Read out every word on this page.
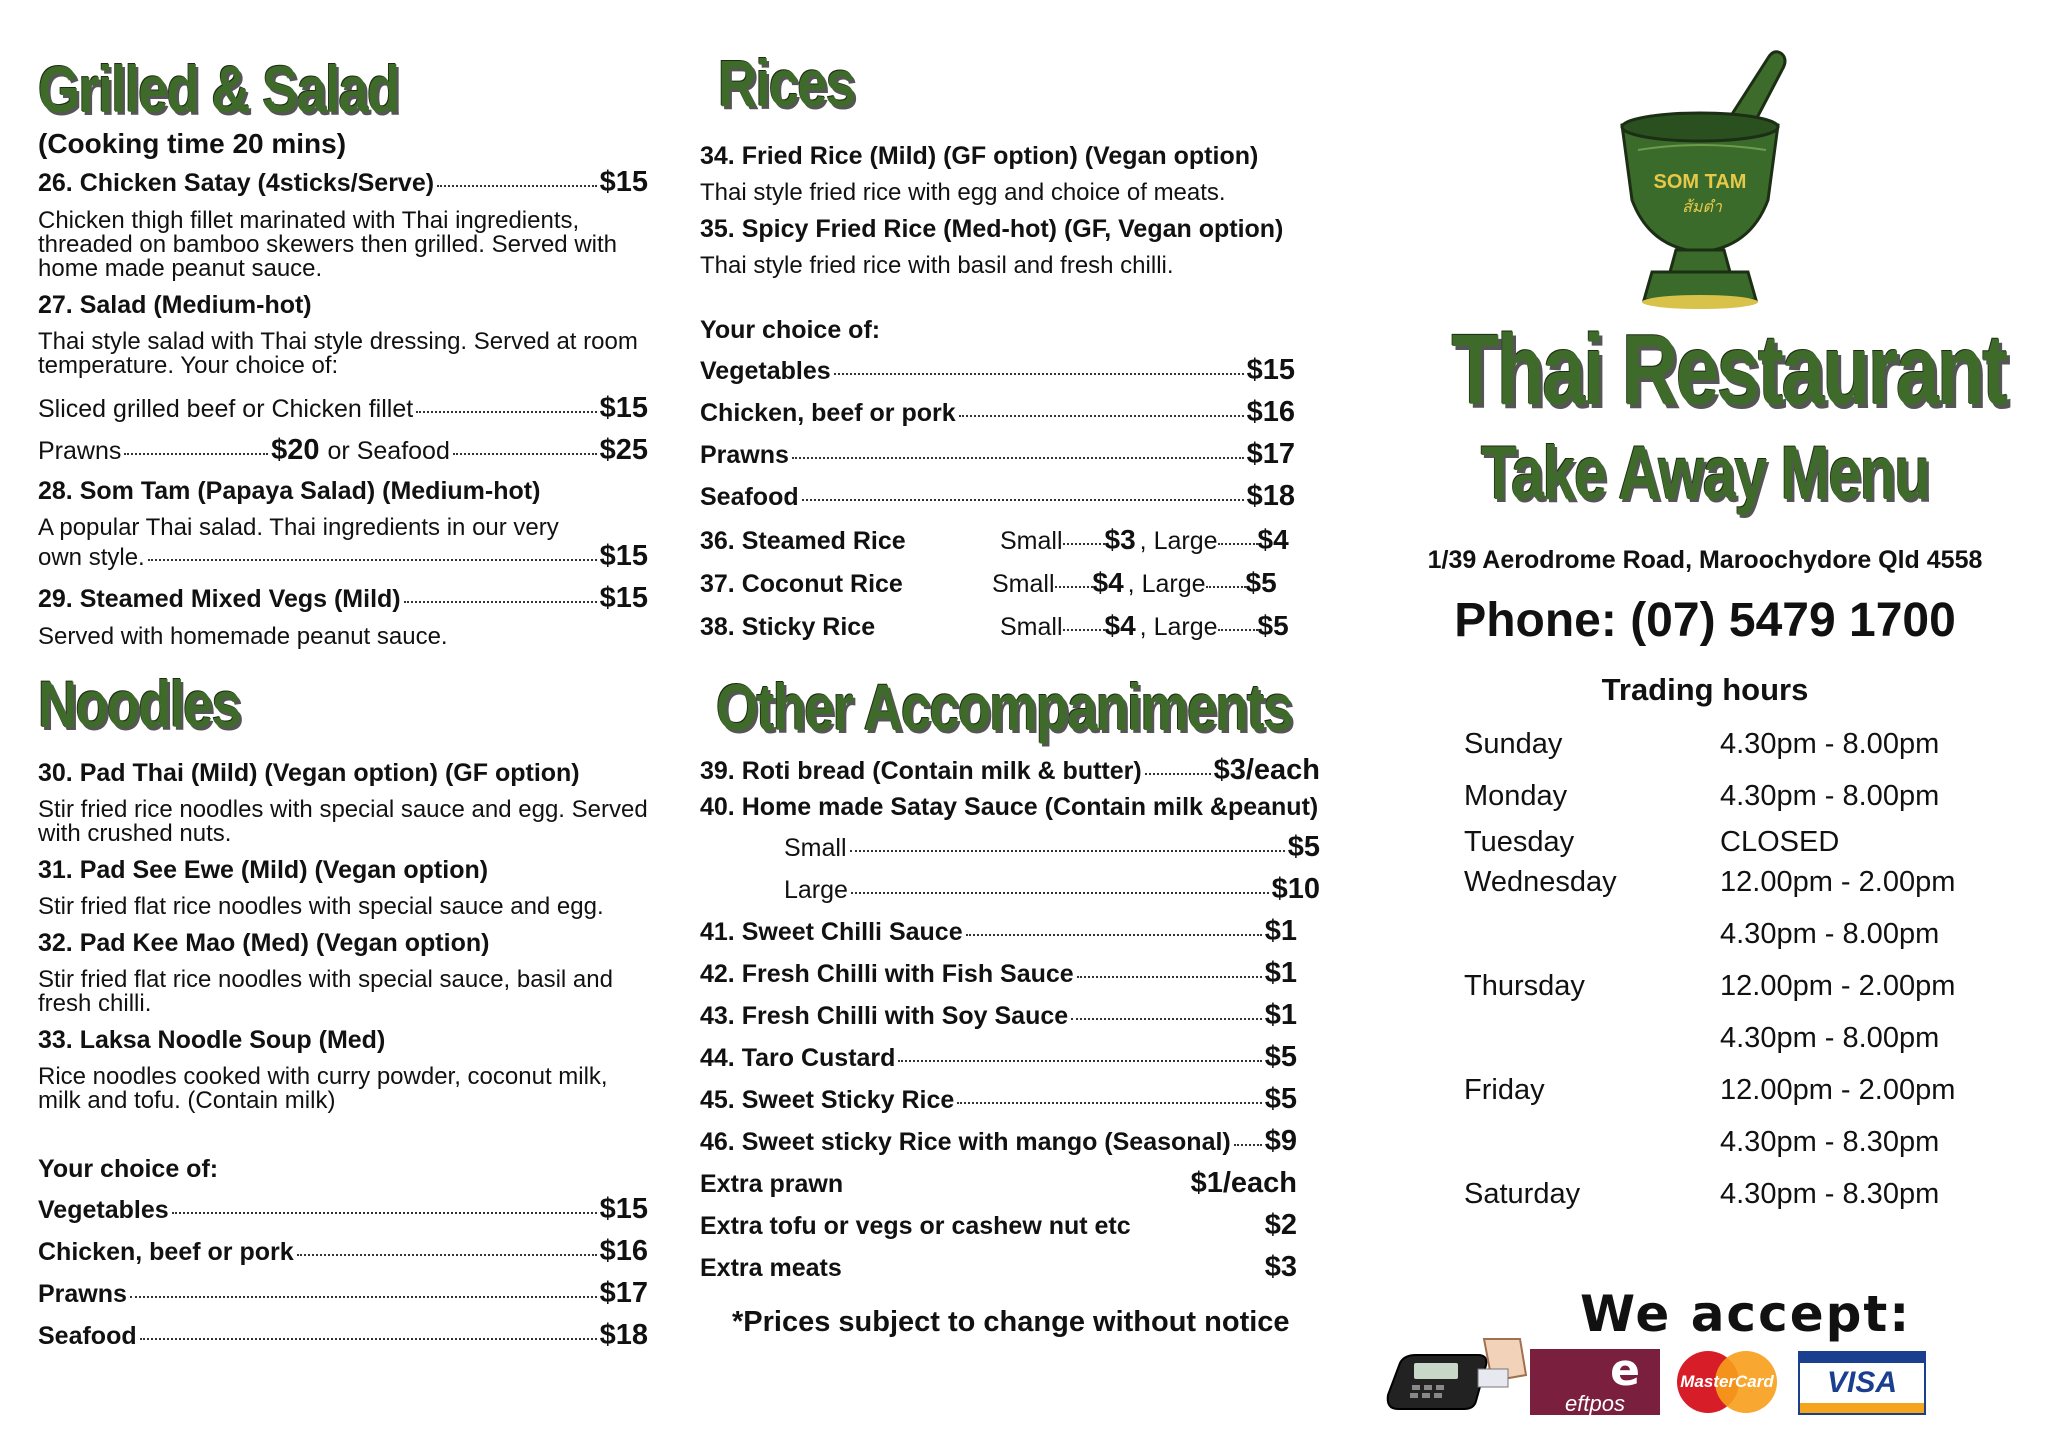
Grilled & Salad
(Cooking time 20 mins)
26. Chicken Satay (4sticks/Serve)	$15
Chicken thigh fillet marinated with Thai ingredients, threaded on bamboo skewers then grilled. Served with home made peanut sauce.
27. Salad (Medium-hot)
Thai style salad with Thai style dressing. Served at room temperature. Your choice of:
Sliced grilled beef or Chicken fillet	$15
Prawns	$20 or Seafood	$25
28. Som Tam (Papaya Salad) (Medium-hot)
A popular Thai salad. Thai ingredients in our very
own style.	$15
29. Steamed Mixed Vegs (Mild)	$15
Served with homemade peanut sauce.
Noodles
30. Pad Thai (Mild) (Vegan option) (GF option)
Stir fried rice noodles with special sauce and egg. Served with crushed nuts.
31. Pad See Ewe (Mild) (Vegan option)
Stir fried flat rice noodles with special sauce and egg.
32. Pad Kee Mao (Med) (Vegan option)
Stir fried flat rice noodles with special sauce, basil and fresh chilli.
33. Laksa Noodle Soup (Med)
Rice noodles cooked with curry powder, coconut milk, milk and tofu. (Contain milk)
Your choice of:
Vegetables	$15
Chicken, beef or pork	$16
Prawns	$17
Seafood	$18
Rices
34. Fried Rice (Mild) (GF option) (Vegan option)
Thai style fried rice with egg and choice of meats.
35. Spicy Fried Rice (Med-hot) (GF, Vegan option)
Thai style fried rice with basil and fresh chilli.
Your choice of:
Vegetables	$15
Chicken, beef or pork	$16
Prawns	$17
Seafood	$18
36. Steamed Rice	Small $3 , Large $4
37. Coconut Rice	Small $4 , Large $5
38. Sticky Rice	Small $4 , Large $5
Other Accompaniments
39. Roti bread (Contain milk & butter) $3/each
40. Home made Satay Sauce (Contain milk &peanut)
Small	$5
Large	$10
41. Sweet Chilli Sauce	$1
42. Fresh Chilli with Fish Sauce	$1
43. Fresh Chilli with Soy Sauce	$1
44. Taro Custard	$5
45. Sweet Sticky Rice	$5
46. Sweet sticky Rice with mango (Seasonal) $9
Extra prawn	$1/each
Extra tofu or vegs or cashew nut etc	$2
Extra meats	$3
*Prices subject to change without notice
SOM TAM
ส้มตำ
Thai Restaurant
Take Away Menu
1/39 Aerodrome Road, Maroochydore Qld 4558
Phone: (07) 5479 1700
Trading hours
Sunday	4.30pm - 8.00pm
Monday	4.30pm - 8.00pm
Tuesday	CLOSED
Wednesday	12.00pm - 2.00pm
4.30pm - 8.00pm
Thursday	12.00pm - 2.00pm
4.30pm - 8.00pm
Friday	12.00pm - 2.00pm
4.30pm - 8.30pm
Saturday	4.30pm - 8.30pm
We accept:
e
eftpos
MasterCard VISA
